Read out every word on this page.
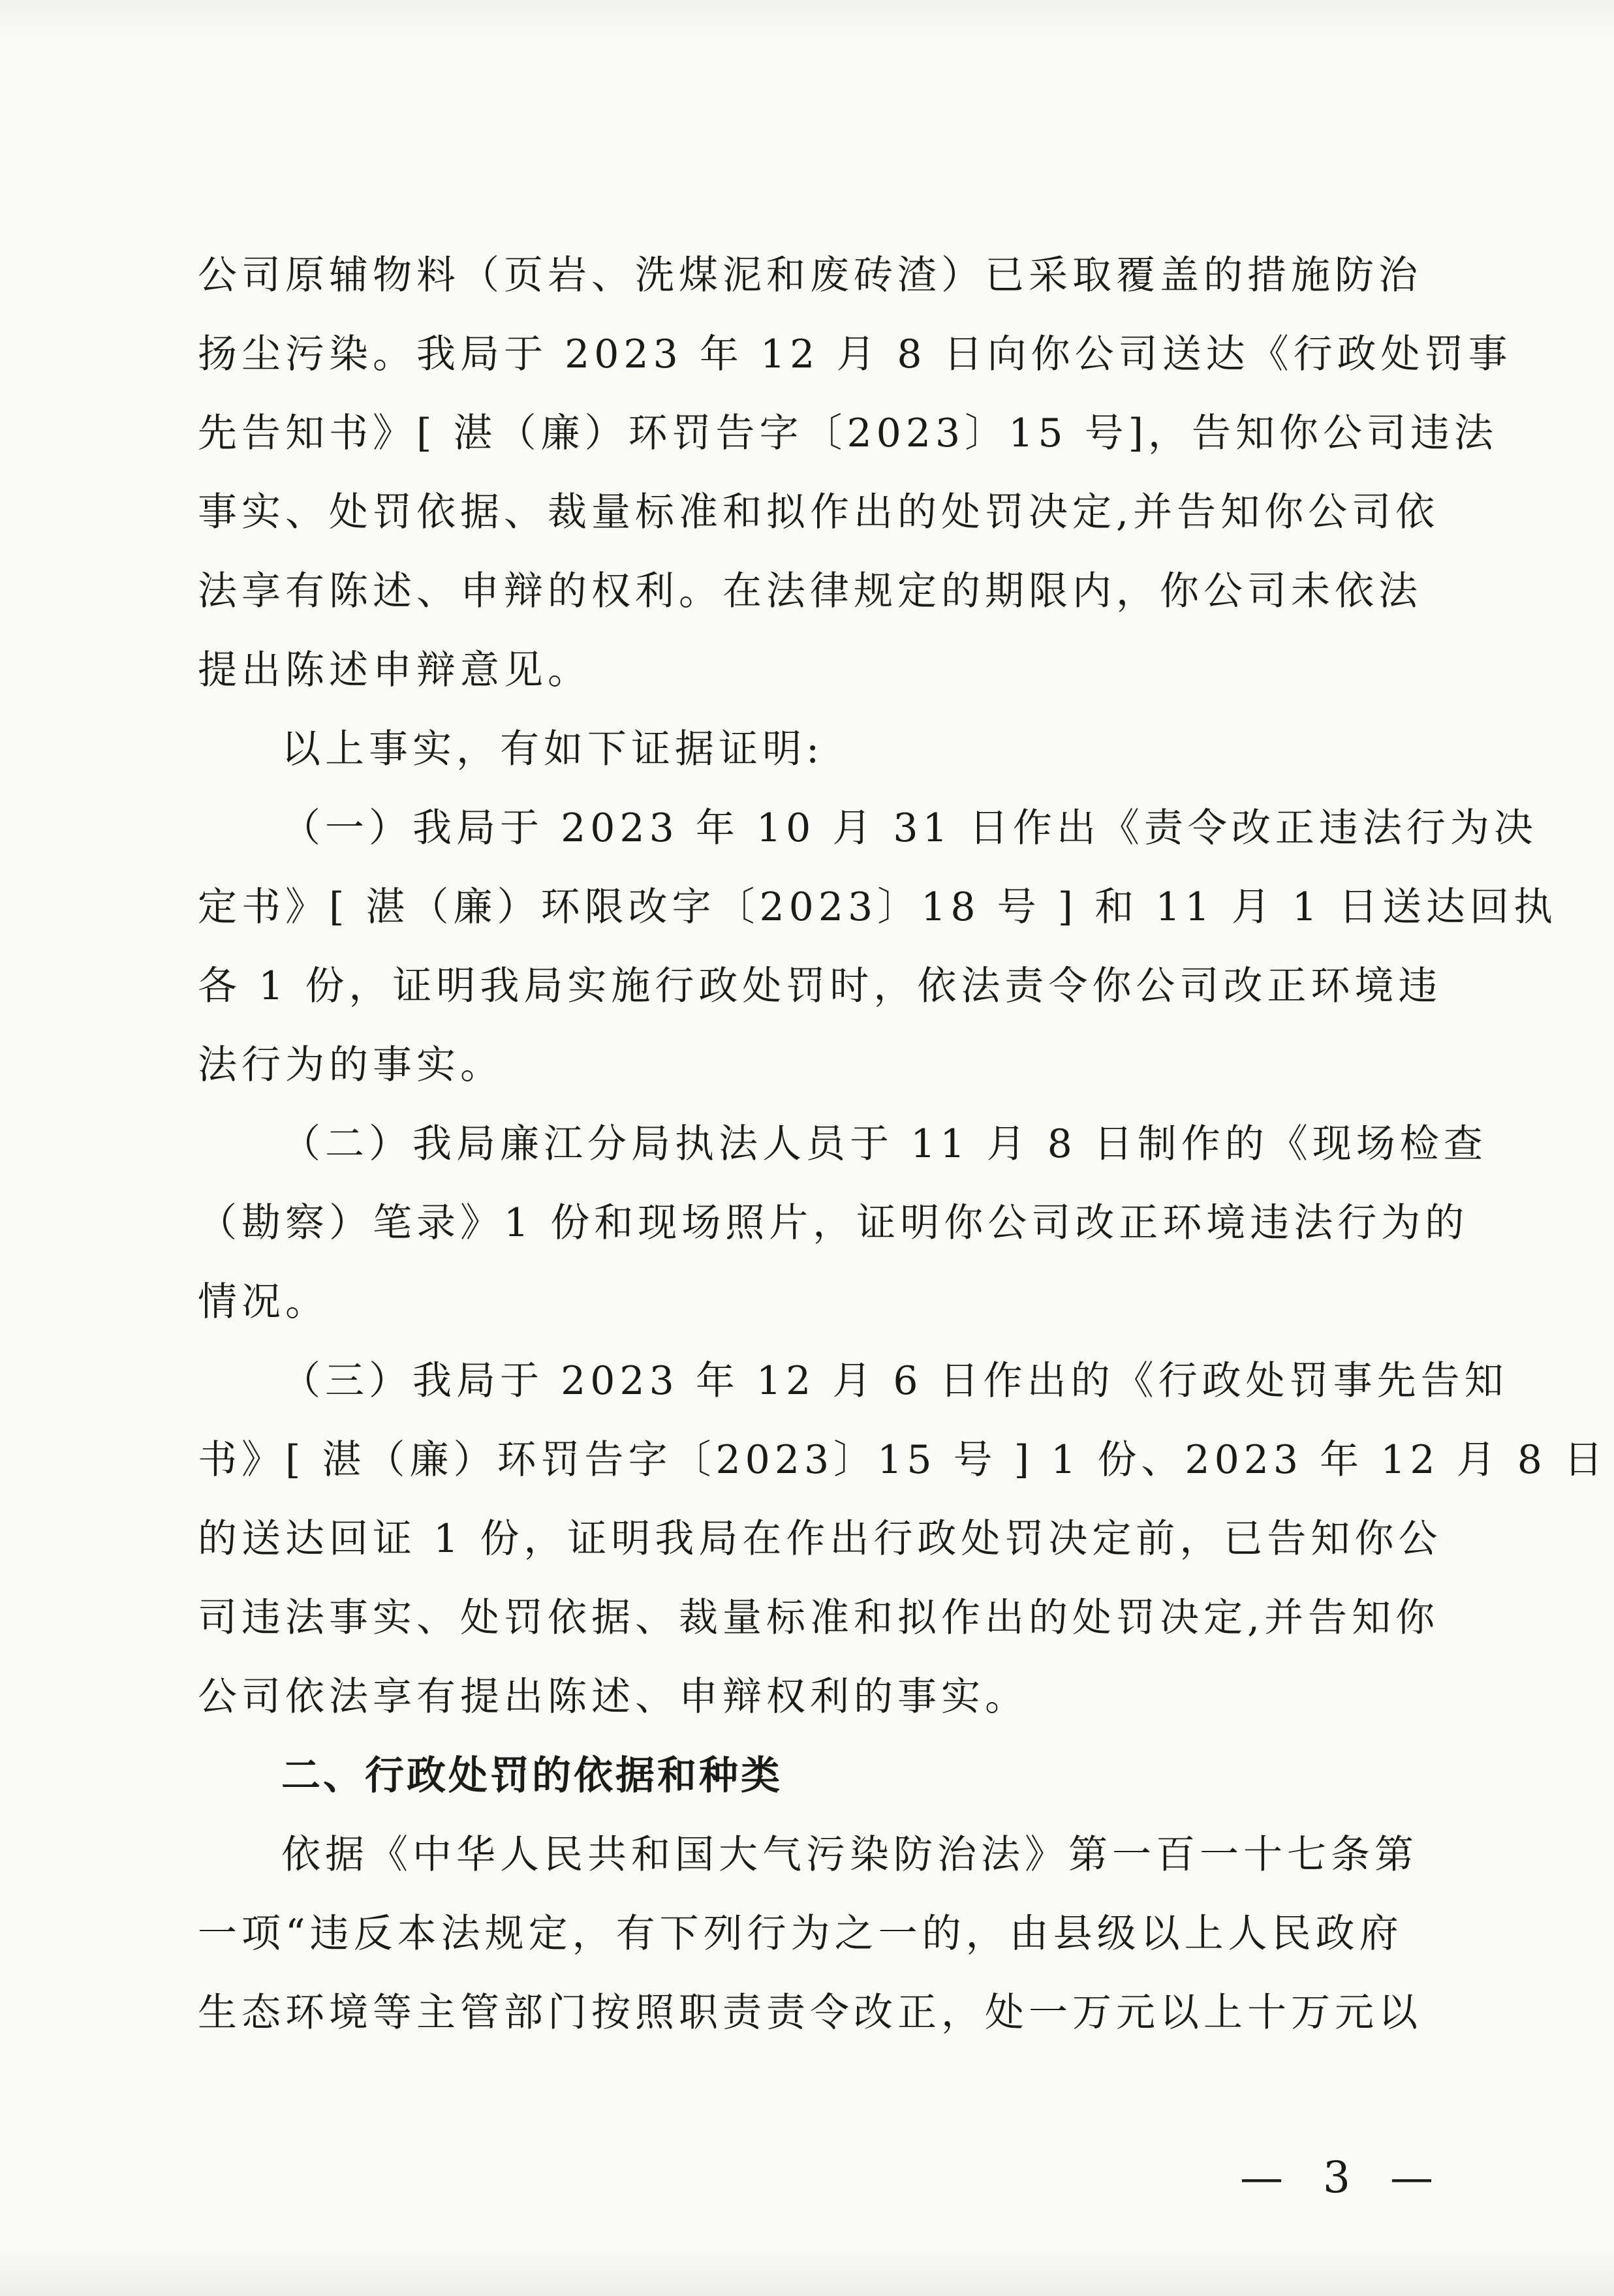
公司原辅物料（页岩、洗煤泥和废砖渣）已采取覆盖的措施防治
扬尘污染。我局于 2023 年 12 月 8 日向你公司送达《行政处罚事
先告知书》[ 湛（廉）环罚告字〔2023〕15 号]，告知你公司违法
事实、处罚依据、裁量标准和拟作出的处罚决定,并告知你公司依
法享有陈述、申辩的权利。在法律规定的期限内，你公司未依法
提出陈述申辩意见。
以上事实，有如下证据证明:
（一）我局于 2023 年 10 月 31 日作出《责令改正违法行为决
定书》[ 湛（廉）环限改字〔2023〕18 号 ] 和 11 月 1 日送达回执
各 1 份，证明我局实施行政处罚时，依法责令你公司改正环境违
法行为的事实。
（二）我局廉江分局执法人员于 11 月 8 日制作的《现场检查
（勘察）笔录》1 份和现场照片，证明你公司改正环境违法行为的
情况。
（三）我局于 2023 年 12 月 6 日作出的《行政处罚事先告知
书》[ 湛（廉）环罚告字〔2023〕15 号 ] 1 份、2023 年 12 月 8 日
的送达回证 1 份，证明我局在作出行政处罚决定前，已告知你公
司违法事实、处罚依据、裁量标准和拟作出的处罚决定,并告知你
公司依法享有提出陈述、申辩权利的事实。
二、行政处罚的依据和种类
依据《中华人民共和国大气污染防治法》第一百一十七条第
一项“违反本法规定，有下列行为之一的，由县级以上人民政府
生态环境等主管部门按照职责责令改正，处一万元以上十万元以
— 3 —
